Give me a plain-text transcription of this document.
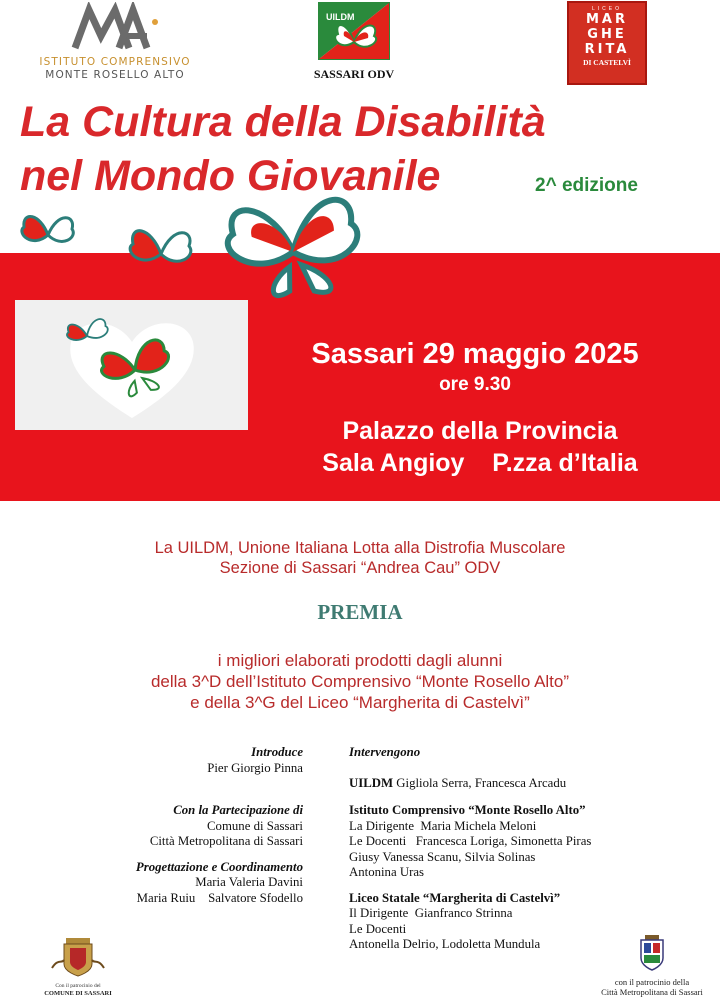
ISTITUTO COMPRENSIVO
MONTE ROSELLO ALTO
UILDM
SASSARI ODV
LICEO
MAR
GHE
RITA
DI CASTELVÌ
La Cultura della Disabilità
nel Mondo Giovanile	2^ edizione
Sassari 29 maggio 2025
ore 9.30
Palazzo della Provincia
Sala Angioy    P.zza d’Italia
La UILDM, Unione Italiana Lotta alla Distrofia Muscolare
Sezione di Sassari “Andrea Cau” ODV
PREMIA
i migliori elaborati prodotti dagli alunni
della 3^D dell’Istituto Comprensivo “Monte Rosello Alto”
e della 3^G del Liceo “Margherita di Castelvì”
Introduce
Pier Giorgio Pinna
Con la Partecipazione di
Comune di Sassari
Città Metropolitana di Sassari
Progettazione e Coordinamento
Maria Valeria Davini
Maria Ruiu    Salvatore Sfodello
Intervengono
UILDM Gigliola Serra, Francesca Arcadu
Istituto Comprensivo “Monte Rosello Alto”
La Dirigente  Maria Michela Meloni
Le Docenti   Francesca Loriga, Simonetta Piras
Giusy Vanessa Scanu, Silvia Solinas
Antonina Uras
Liceo Statale “Margherita di Castelvì”
Il Dirigente  Gianfranco Strinna
Le Docenti
Antonella Delrio, Lodoletta Mundula
Con il patrocinio del
COMUNE DI SASSARI
con il patrocinio della
Città Metropolitana di Sassari
